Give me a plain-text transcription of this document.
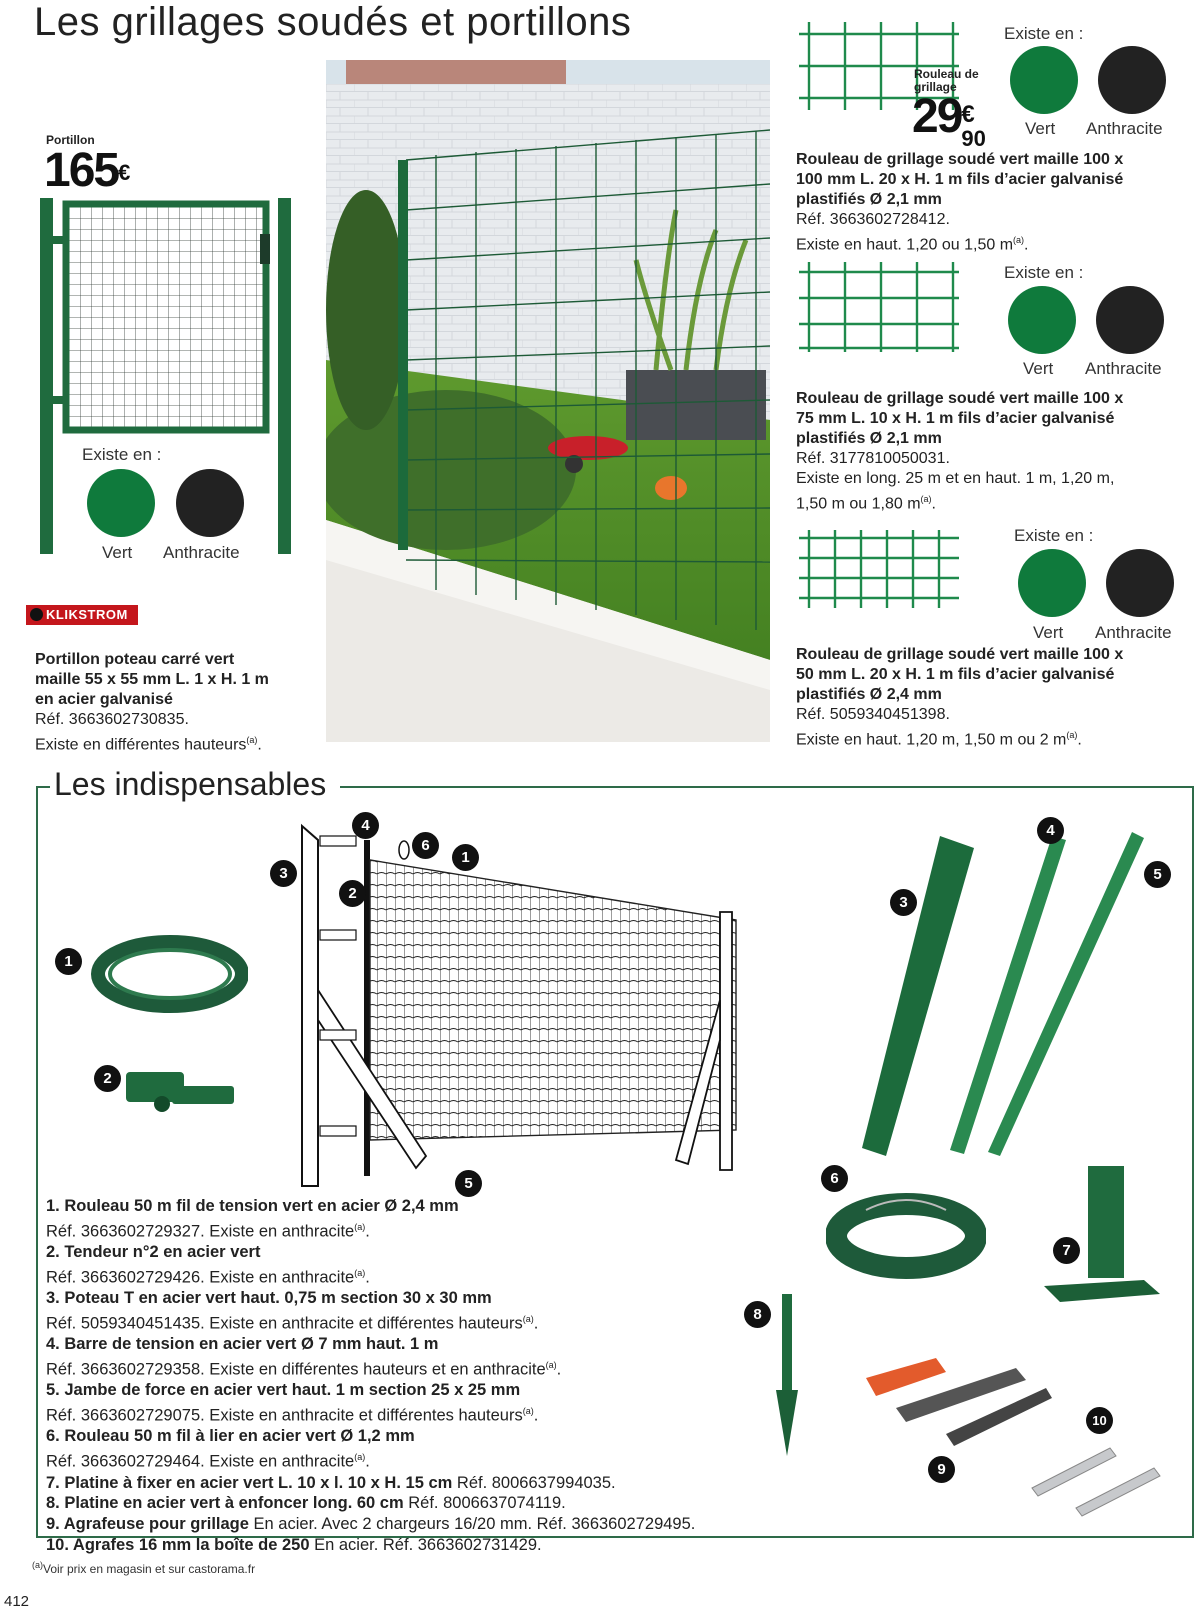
Les grillages soudés et portillons
Portillon
165€
Existe en :
Vert Anthracite
KLIKSTROM
Portillon poteau carré vert
maille 55 x 55 mm L. 1 x H. 1 m
en acier galvanisé
Réf. 3663602730835.
Existe en différentes hauteurs$^{(a)}$.
Existe en :
Rouleau de grillage
29 €
90 Vert Anthracite
Rouleau de grillage soudé vert maille 100 x
100 mm L. 20 x H. 1 m fils d’acier galvanisé
plastifiés Ø 2,1 mm
Réf. 3663602728412.
Existe en haut. 1,20 ou 1,50 $m^{(a)}$.
Existe en :
Vert Anthracite
Rouleau de grillage soudé vert maille 100 x
75 mm L. 10 x H. 1 m fils d’acier galvanisé
plastifiés Ø 2,1 mm
Réf. 3177810050031.
Existe en long. 25 m et en haut. 1 m, 1,20 m,
1,50 m ou 1,80 $m^{(a)}$.
Existe en :
Vert Anthracite
Rouleau de grillage soudé vert maille 100 x
50 mm L. 20 x H. 1 m fils d’acier galvanisé
plastifiés Ø 2,4 mm
Réf. 5059340451398.
Existe en haut. 1,20 m, 1,50 m ou 2 $m^{(a)}$.
Les indispensables
1
2
2
3
4
6
1
5
3
4
5
6
7
8
9
10
1. Rouleau 50 m fil de tension vert en acier Ø 2,4 mm
Réf. 3663602729327. Existe en anthracite$^{(a)}$.
2. Tendeur n°2 en acier vert
Réf. 3663602729426. Existe en anthracite$^{(a)}$.
3. Poteau T en acier vert haut. 0,75 m section 30 x 30 mm
Réf. 5059340451435. Existe en anthracite et différentes hauteurs$^{(a)}$.
4. Barre de tension en acier vert Ø 7 mm haut. 1 m
Réf. 3663602729358. Existe en différentes hauteurs et en anthracite$^{(a)}$.
5. Jambe de force en acier vert haut. 1 m section 25 x 25 mm
Réf. 3663602729075. Existe en anthracite et différentes hauteurs$^{(a)}$.
6. Rouleau 50 m fil à lier en acier vert Ø 1,2 mm
Réf. 3663602729464. Existe en anthracite$^{(a)}$.
7. Platine à fixer en acier vert L. 10 x l. 10 x H. 15 cm Réf. 8006637994035.
8. Platine en acier vert à enfoncer long. 60 cm Réf. 8006637074119.
9. Agrafeuse pour grillage En acier. Avec 2 chargeurs 16/20 mm. Réf. 3663602729495.
10. Agrafes 16 mm la boîte de 250 En acier. Réf. 3663602731429.
$^{(a)}$Voir prix en magasin et sur castorama.fr
412
